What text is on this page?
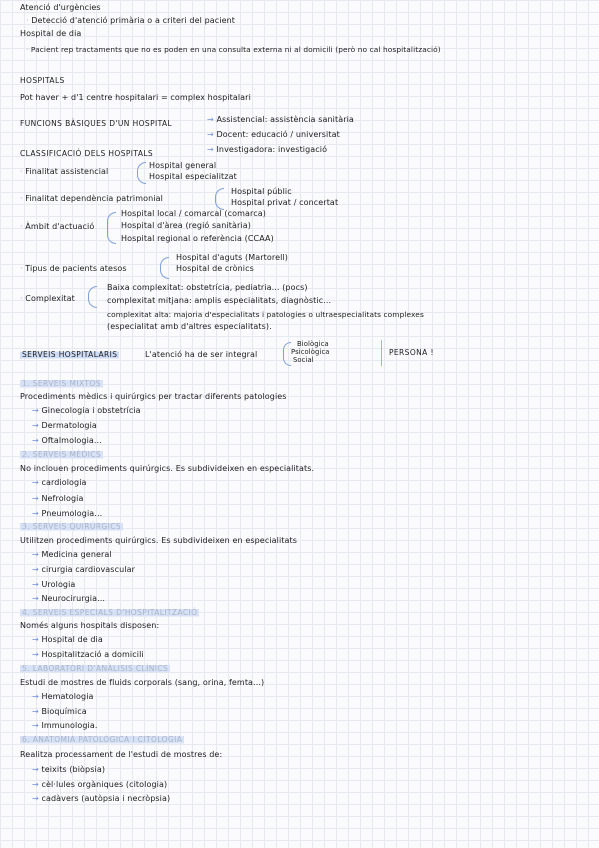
Atenció d'urgències
· Detecció d'atenció primària o a criteri del pacient
Hospital de dia
· Pacient rep tractaments que no es poden en una consulta externa ni al domicili (però no cal hospitalització)
HOSPITALS
Pot haver + d'1 centre hospitalari = complex hospitalari
FUNCIONS BÀSIQUES D'UN HOSPITAL	→ Assistencial: assistència sanitària
→ Docent: educació / universitat
→ Investigadora: investigació
CLASSIFICACIÓ DELS HOSPITALS
· Finalitat assistencial
Hospital general
Hospital especialitzat
· Finalitat dependència patrimonial
Hospital públic
Hospital privat / concertat
· Àmbit d'actuació
Hospital local / comarcal (comarca)
Hospital d'àrea (regió sanitària)
Hospital regional o referència (CCAA)
· Tipus de pacients atesos
Hospital d'aguts (Martorell)
Hospital de crònics
· Complexitat
Baixa complexitat: obstetrícia, pediatria... (pocs)
complexitat mitjana: amplis especialitats, diagnòstic...
complexitat alta: majoria d'especialitats i patologies o ultraespecialitats complexes
(especialitat amb d'altres especialitats).
SERVEIS HOSPITALARIS	L'atenció ha de ser integral
Biològica
Psicològica
Social
PERSONA !
1. SERVEIS MIXTOS
Procediments mèdics i quirúrgics per tractar diferents patologies
→ Ginecologia i obstetrícia
→ Dermatologia
→ Oftalmologia...
2. SERVEIS MÈDICS
No inclouen procediments quirúrgics. Es subdivideixen en especialitats.
→ cardiologia
→ Nefrologia
→ Pneumologia...
3. SERVEIS QUIRÚRGICS
Utilitzen procediments quirúrgics. Es subdivideixen en especialitats
→ Medicina general
→ cirurgia cardiovascular
→ Urologia
→ Neurocirurgia...
4. SERVEIS ESPECIALS D'HOSPITALITZACIÓ
Només alguns hospitals disposen:
→ Hospital de dia
→ Hospitalització a domicili
5. LABORATORI D'ANÀLISIS CLÍNICS
Estudi de mostres de fluids corporals (sang, orina, femta...)
→ Hematologia
→ Bioquímica
→ Immunologia.
6. ANATOMIA PATOLÒGICA I CITOLOGIA
Realitza processament de l'estudi de mostres de:
→ teixits (biòpsia)
→ cèl·lules orgàniques (citologia)
→ cadàvers (autòpsia i necròpsia)
